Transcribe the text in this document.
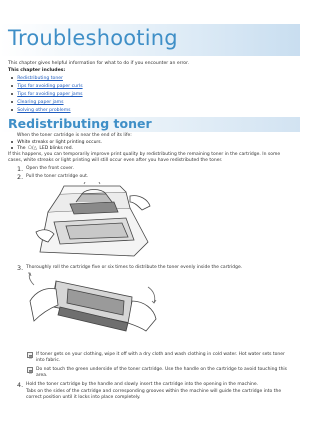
Troubleshooting
This chapter gives helpful information for what to do if you encounter an error.
This chapter includes:
Redistributing toner
Tips for avoiding paper curls
Tips for avoiding paper jams
Clearing paper jams
Solving other problems
Redistributing toner
When the toner cartridge is near the end of its life:
White streaks or light printing occurs.
The
⎔/△
LED blinks red.
If this happens, you can temporarily improve print quality by redistributing the remaining toner in the cartridge. In some cases, white streaks or light printing will still occur even after you have redistributed the toner.
1. Open the front cover.
2. Pull the toner cartridge out.
3. Thoroughly roll the cartridge five or six times to distribute the toner evenly inside the cartridge.
If toner gets on your clothing, wipe it off with a dry cloth and wash clothing in cold water. Hot water sets toner into fabric.
Do not touch the green underside of the toner cartridge. Use the handle on the cartridge to avoid touching this area.
4. Hold the toner cartridge by the handle and slowly insert the cartridge into the opening in the machine.
Tabs on the sides of the cartridge and corresponding grooves within the machine will guide the cartridge into the correct position until it locks into place completely.
